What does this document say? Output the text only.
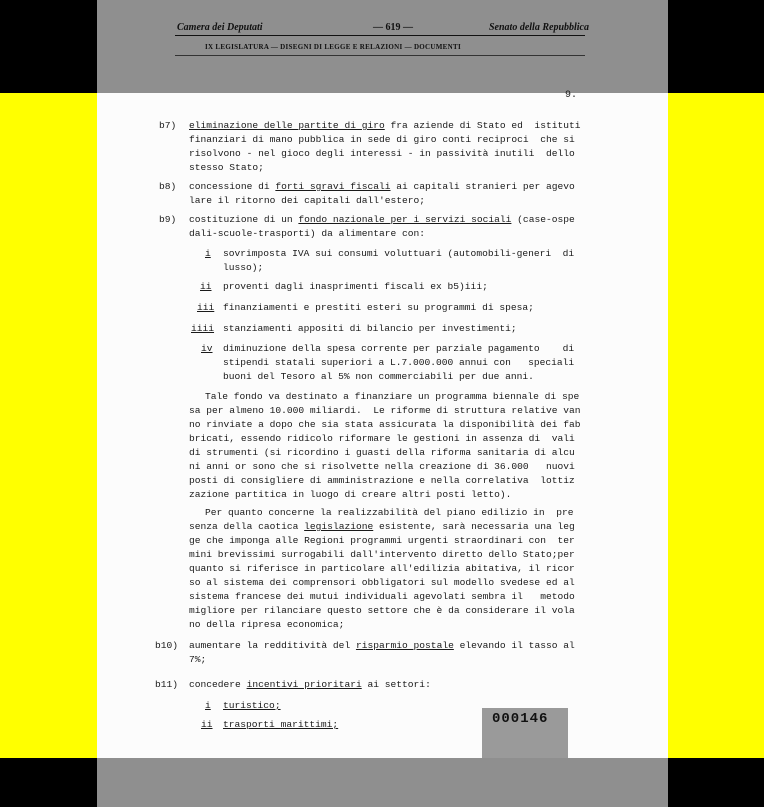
Camera dei Deputati	— 619 —	Senato della Repubblica
IX LEGISLATURA — DISEGNI DI LEGGE E RELAZIONI — DOCUMENTI
9.
b7) eliminazione delle partite di giro fra aziende di Stato ed  istituti
finanziari di mano pubblica in sede di giro conti reciproci  che si
risolvono - nel gioco degli interessi - in passività inutili  dello
stesso Stato;
b8) concessione di forti sgravi fiscali ai capitali stranieri per agevo
lare il ritorno dei capitali dall'estero;
b9) costituzione di un fondo nazionale per i servizi sociali (case-ospe
dali-scuole-trasporti) da alimentare con:
i sovrimposta IVA sui consumi voluttuari (automobili-generi  di
lusso);
ii proventi dagli inasprimenti fiscali ex b5)iii;
iii finanziamenti e prestiti esteri su programmi di spesa;
iiii stanziamenti appositi di bilancio per investimenti;
iv diminuzione della spesa corrente per parziale pagamento    di
stipendi statali superiori a L.7.000.000 annui con   speciali
buoni del Tesoro al 5% non commerciabili per due anni.
Tale fondo va destinato a finanziare un programma biennale di spe
sa per almeno 10.000 miliardi.  Le riforme di struttura relative van
no rinviate a dopo che sia stata assicurata la disponibilità dei fab
bricati, essendo ridicolo riformare le gestioni in assenza di  vali
di strumenti (si ricordino i guasti della riforma sanitaria di alcu
ni anni or sono che si risolvette nella creazione di 36.000   nuovi
posti di consigliere di amministrazione e nella correlativa  lottiz
zazione partitica in luogo di creare altri posti letto).
Per quanto concerne la realizzabilità del piano edilizio in  pre
senza della caotica legislazione esistente, sarà necessaria una leg
ge che imponga alle Regioni programmi urgenti straordinari con  ter
mini brevissimi surrogabili dall'intervento diretto dello Stato;per
quanto si riferisce in particolare all'edilizia abitativa, il ricor
so al sistema dei comprensori obbligatori sul modello svedese ed al
sistema francese dei mutui individuali agevolati sembra il   metodo
migliore per rilanciare questo settore che è da considerare il vola
no della ripresa economica;
b10) aumentare la redditività del risparmio postale elevando il tasso al
7%;
b11) concedere incentivi prioritari ai settori:
i turistico;
ii trasporti marittimi;	000146
